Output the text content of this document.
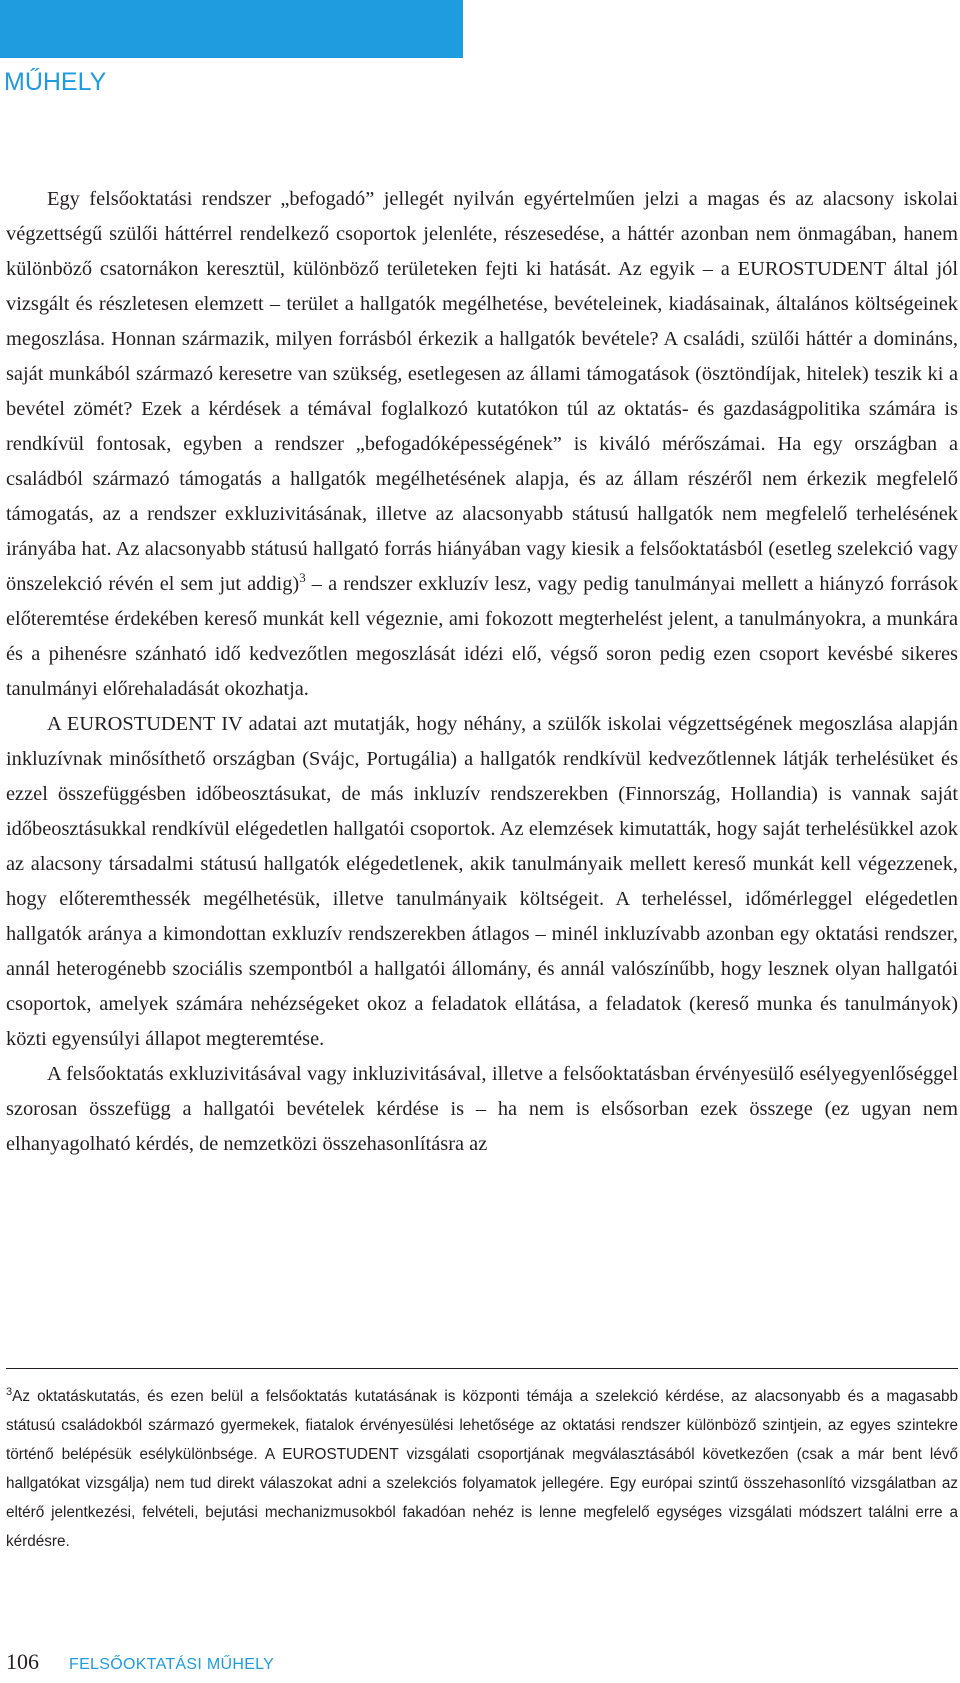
MŰHELY

Egy felsőoktatási rendszer „befogadó” jellegét nyilván egyértelműen jelzi a magas és az alacsony iskolai végzettségű szülői háttérrel rendelkező csoportok jelenléte, részesedése, a háttér azonban nem önmagában, hanem különböző csatornákon keresztül, különböző területeken fejti ki hatását. Az egyik – a EUROSTUDENT által jól vizsgált és részletesen elemzett – terület a hallgatók megélhetése, bevételeinek, kiadásainak, általános költségeinek megoszlása. Honnan származik, milyen forrásból érkezik a hallgatók bevétele? A családi, szülői háttér a domináns, saját munkából származó keresetre van szükség, esetlegesen az állami támogatások (ösztöndíjak, hitelek) teszik ki a bevétel zömét? Ezek a kérdések a témával foglalkozó kutatókon túl az oktatás- és gazdaságpolitika számára is rendkívül fontosak, egyben a rendszer „befogadóképességének” is kiváló mérőszámai. Ha egy országban a családból származó támogatás a hallgatók megélhetésének alapja, és az állam részéről nem érkezik megfelelő támogatás, az a rendszer exkluzivitásának, illetve az alacsonyabb státusú hallgatók nem megfelelő terhelésének irányába hat. Az alacsonyabb státusú hallgató forrás hiányában vagy kiesik a felsőoktatásból (esetleg szelekció vagy önszelekció révén el sem jut addig)$^3$ – a rendszer exkluzív lesz, vagy pedig tanulmányai mellett a hiányzó források előteremtése érdekében kereső munkát kell végeznie, ami fokozott megterhelést jelent, a tanulmányokra, a munkára és a pihenésre szánható idő kedvezőtlen megoszlását idézi elő, végső soron pedig ezen csoport kevésbé sikeres tanulmányi előrehaladását okozhatja.

A EUROSTUDENT IV adatai azt mutatják, hogy néhány, a szülők iskolai végzettségének megoszlása alapján inkluzívnak minősíthető országban (Svájc, Portugália) a hallgatók rendkívül kedvezőtlennek látják terhelésüket és ezzel összefüggésben időbeosztásukat, de más inkluzív rendszerekben (Finnország, Hollandia) is vannak saját időbeosztásukkal rendkívül elégedetlen hallgatói csoportok. Az elemzések kimutatták, hogy saját terhelésükkel azok az alacsony társadalmi státusú hallgatók elégedetlenek, akik tanulmányaik mellett kereső munkát kell végezzenek, hogy előteremthessék megélhetésük, illetve tanulmányaik költségeit. A terheléssel, időmérleggel elégedetlen hallgatók aránya a kimondottan exkluzív rendszerekben átlagos – minél inkluzívabb azonban egy oktatási rendszer, annál heterogénebb szociális szempontból a hallgatói állomány, és annál valószínűbb, hogy lesznek olyan hallgatói csoportok, amelyek számára nehézségeket okoz a feladatok ellátása, a feladatok (kereső munka és tanulmányok) közti egyensúlyi állapot megteremtése.

A felsőoktatás exkluzivitásával vagy inkluzivitásával, illetve a felsőoktatásban érvényesülő esélyegyenlőséggel szorosan összefügg a hallgatói bevételek kérdése is – ha nem is elsősorban ezek összege (ez ugyan nem elhanyagolható kérdés, de nemzetközi összehasonlításra az

$^3$Az oktatáskutatás, és ezen belül a felsőoktatás kutatásának is központi témája a szelekció kérdése, az alacsonyabb és a magasabb státusú családokból származó gyermekek, fiatalok érvényesülési lehetősége az oktatási rendszer különböző szintjein, az egyes szintekre történő belépésük esélykülönbsége. A EUROSTUDENT vizsgálati csoportjának megválasztásából következően (csak a már bent lévő hallgatókat vizsgálja) nem tud direkt válaszokat adni a szelekciós folyamatok jellegére. Egy európai szintű összehasonlító vizsgálatban az eltérő jelentkezési, felvételi, bejutási mechanizmusokból fakadóan nehéz is lenne megfelelő egységes vizsgálati módszert találni erre a kérdésre.

106 FELSŐOKTATÁSI MŰHELY
